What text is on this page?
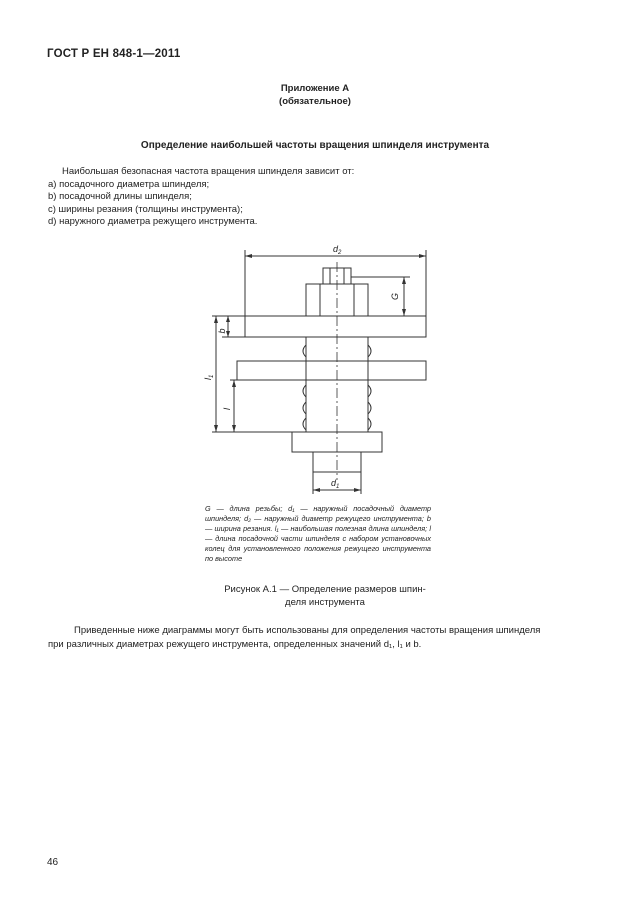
ГОСТ Р ЕН 848-1—2011
Приложение А
(обязательное)
Определение наибольшей частоты вращения шпинделя инструмента
Наибольшая безопасная частота вращения шпинделя зависит от:
a) посадочного диаметра шпинделя;
b) посадочной длины шпинделя;
c) ширины резания (толщины инструмента);
d) наружного диаметра режущего инструмента.
$d_2$
G
b
$l_1$
l
$d_1$
G — длина резьбы; d₁ — наружный посадочный диаметр шпинделя; d₂ — наружный диаметр режущего инструмента; b — ширина резания. l₁ — наибольшая полезная длина шпинделя; l — длина посадочной части шпинделя с набором установочных колец для установленного положения режущего инструмента по высоте
Рисунок А.1 — Определение размеров шпин-
деля инструмента
Приведенные ниже диаграммы могут быть использованы для определения частоты вращения шпинделя
при различных диаметрах режущего инструмента, определенных значений d₁, l₁ и b.
46
